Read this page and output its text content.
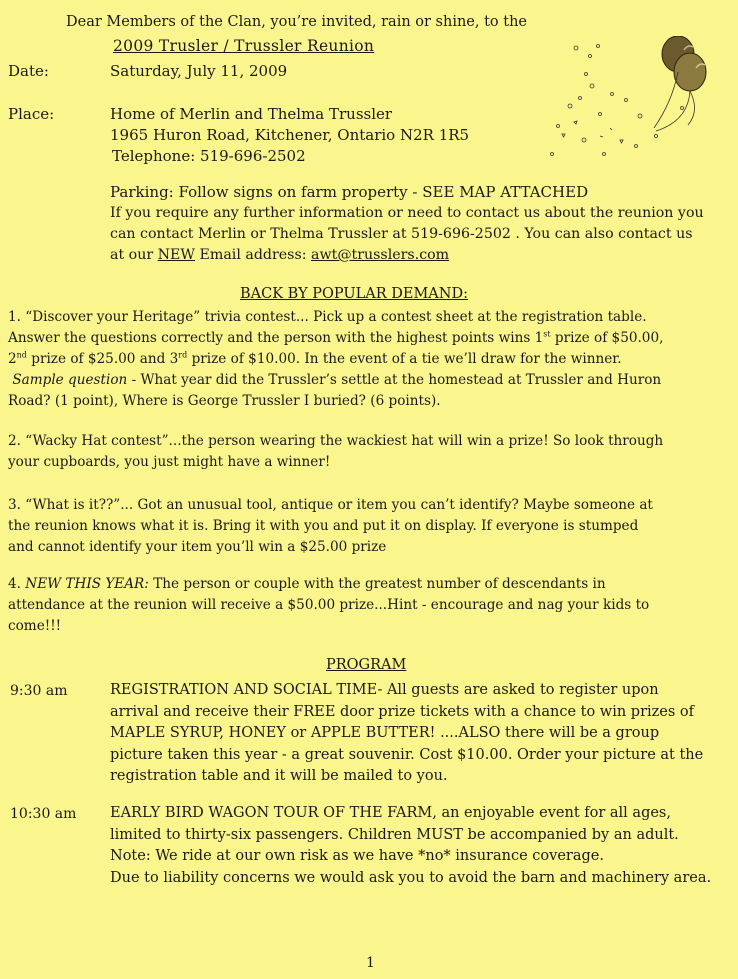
Dear Members of the Clan, you’re invited, rain or shine, to the
2009 Trusler / Trussler Reunion
Date:	Saturday, July 11, 2009
Place:	Home of Merlin and Thelma Trussler
1965 Huron Road, Kitchener, Ontario N2R 1R5
Telephone: 519-696-2502
Parking: Follow signs on farm property - SEE MAP ATTACHED
If you require any further information or need to contact us about the reunion you
can contact Merlin or Thelma Trussler at 519-696-2502 . You can also contact us
at our NEW Email address: awt@trusslers.com
BACK BY POPULAR DEMAND:

1. “Discover your Heritage” trivia contest... Pick up a contest sheet at the registration table.

Answer the questions correctly and the person with the highest points wins 1st prize of $50.00,

2nd prize of $25.00 and 3rd prize of $10.00. In the event of a tie we’ll draw for the winner.

Sample question - What year did the Trussler’s settle at the homestead at Trussler and Huron

Road? (1 point), Where is George Trussler I buried? (6 points).

2. “Wacky Hat contest”...the person wearing the wackiest hat will win a prize! So look through

your cupboards, you just might have a winner!

3. “What is it??”... Got an unusual tool, antique or item you can’t identify? Maybe someone at

the reunion knows what it is. Bring it with you and put it on display. If everyone is stumped

and cannot identify your item you’ll win a $25.00 prize

4. NEW THIS YEAR: The person or couple with the greatest number of descendants in

attendance at the reunion will receive a $50.00 prize...Hint - encourage and nag your kids to

come!!!

PROGRAM
9:30 am	REGISTRATION AND SOCIAL TIME- All guests are asked to register upon
arrival and receive their FREE door prize tickets with a chance to win prizes of
MAPLE SYRUP, HONEY or APPLE BUTTER! ....ALSO there will be a group
picture taken this year - a great souvenir. Cost $10.00. Order your picture at the
registration table and it will be mailed to you.
10:30 am EARLY BIRD WAGON TOUR OF THE FARM, an enjoyable event for all ages,
limited to thirty-six passengers. Children MUST be accompanied by an adult.
Note: We ride at our own risk as we have *no* insurance coverage.
Due to liability concerns we would ask you to avoid the barn and machinery area.
1
